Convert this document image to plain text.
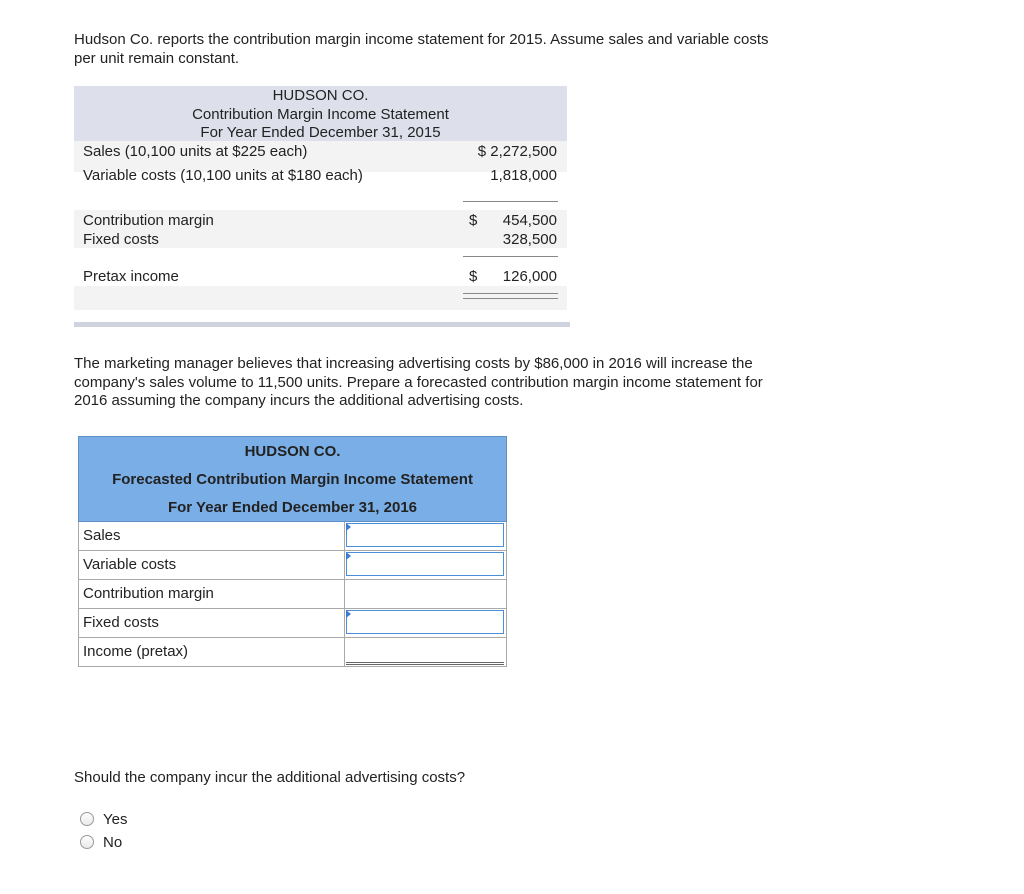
Hudson Co. reports the contribution margin income statement for 2015. Assume sales and variable costs
per unit remain constant.
HUDSON CO.
Contribution Margin Income Statement
For Year Ended December 31, 2015
Sales (10,100 units at $225 each)	$ 2,272,500
Variable costs (10,100 units at $180 each)	1,818,000
Contribution margin	$ 454,500
Fixed costs	328,500
Pretax income	$ 126,000
The marketing manager believes that increasing advertising costs by $86,000 in 2016 will increase the
company's sales volume to 11,500 units. Prepare a forecasted contribution margin income statement for
2016 assuming the company incurs the additional advertising costs.
HUDSON CO.
Forecasted Contribution Margin Income Statement
For Year Ended December 31, 2016
Sales
Variable costs
Contribution margin
Fixed costs
Income (pretax)
Should the company incur the additional advertising costs?
Yes
No
